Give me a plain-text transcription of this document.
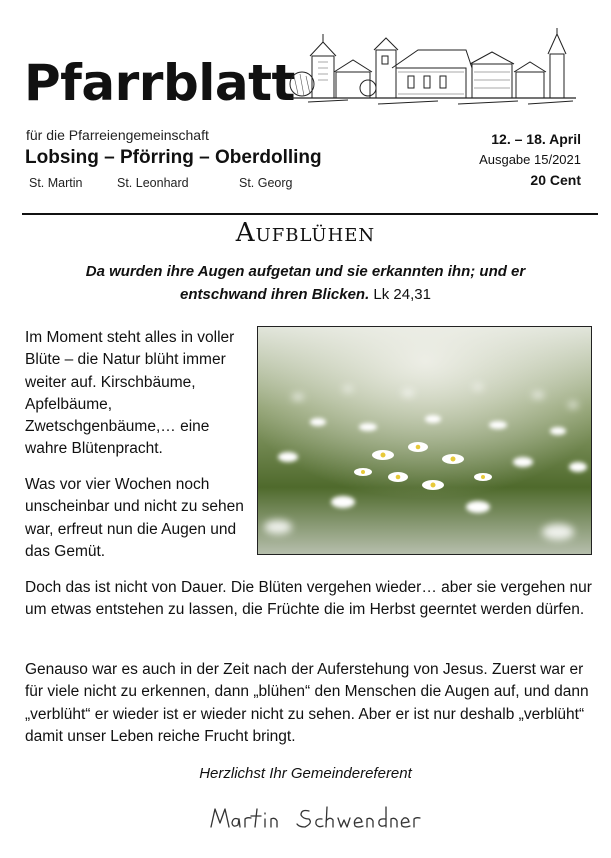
Pfarrblatt
für die Pfarreiengemeinschaft
Lobsing – Pförring – Oberdolling
St. Martin	St. Leonhard	St. Georg
12. – 18. April
Ausgabe 15/2021
20 Cent
Aufblühen
Da wurden ihre Augen aufgetan und sie erkannten ihn; und er
entschwand ihren Blicken. Lk 24,31
Im Moment steht alles in voller Blüte – die Natur blüht immer weiter auf. Kirschbäume, Apfelbäume, Zwetschgenbäume,… eine wahre Blütenpracht.
Was vor vier Wochen noch unscheinbar und nicht zu sehen war, erfreut nun die Augen und das Gemüt.
Doch das ist nicht von Dauer. Die Blüten vergehen wieder… aber sie vergehen nur um etwas entstehen zu lassen, die Früchte die im Herbst geerntet werden dürfen.
Genauso war es auch in der Zeit nach der Auferstehung von Jesus. Zuerst war er für viele nicht zu erkennen, dann „blühen“ den Menschen die Augen auf, und dann „verblüht“ er wieder ist er wieder nicht zu sehen. Aber er ist nur deshalb „verblüht“ damit unser Leben reiche Frucht bringt.
Herzlichst Ihr Gemeindereferent
